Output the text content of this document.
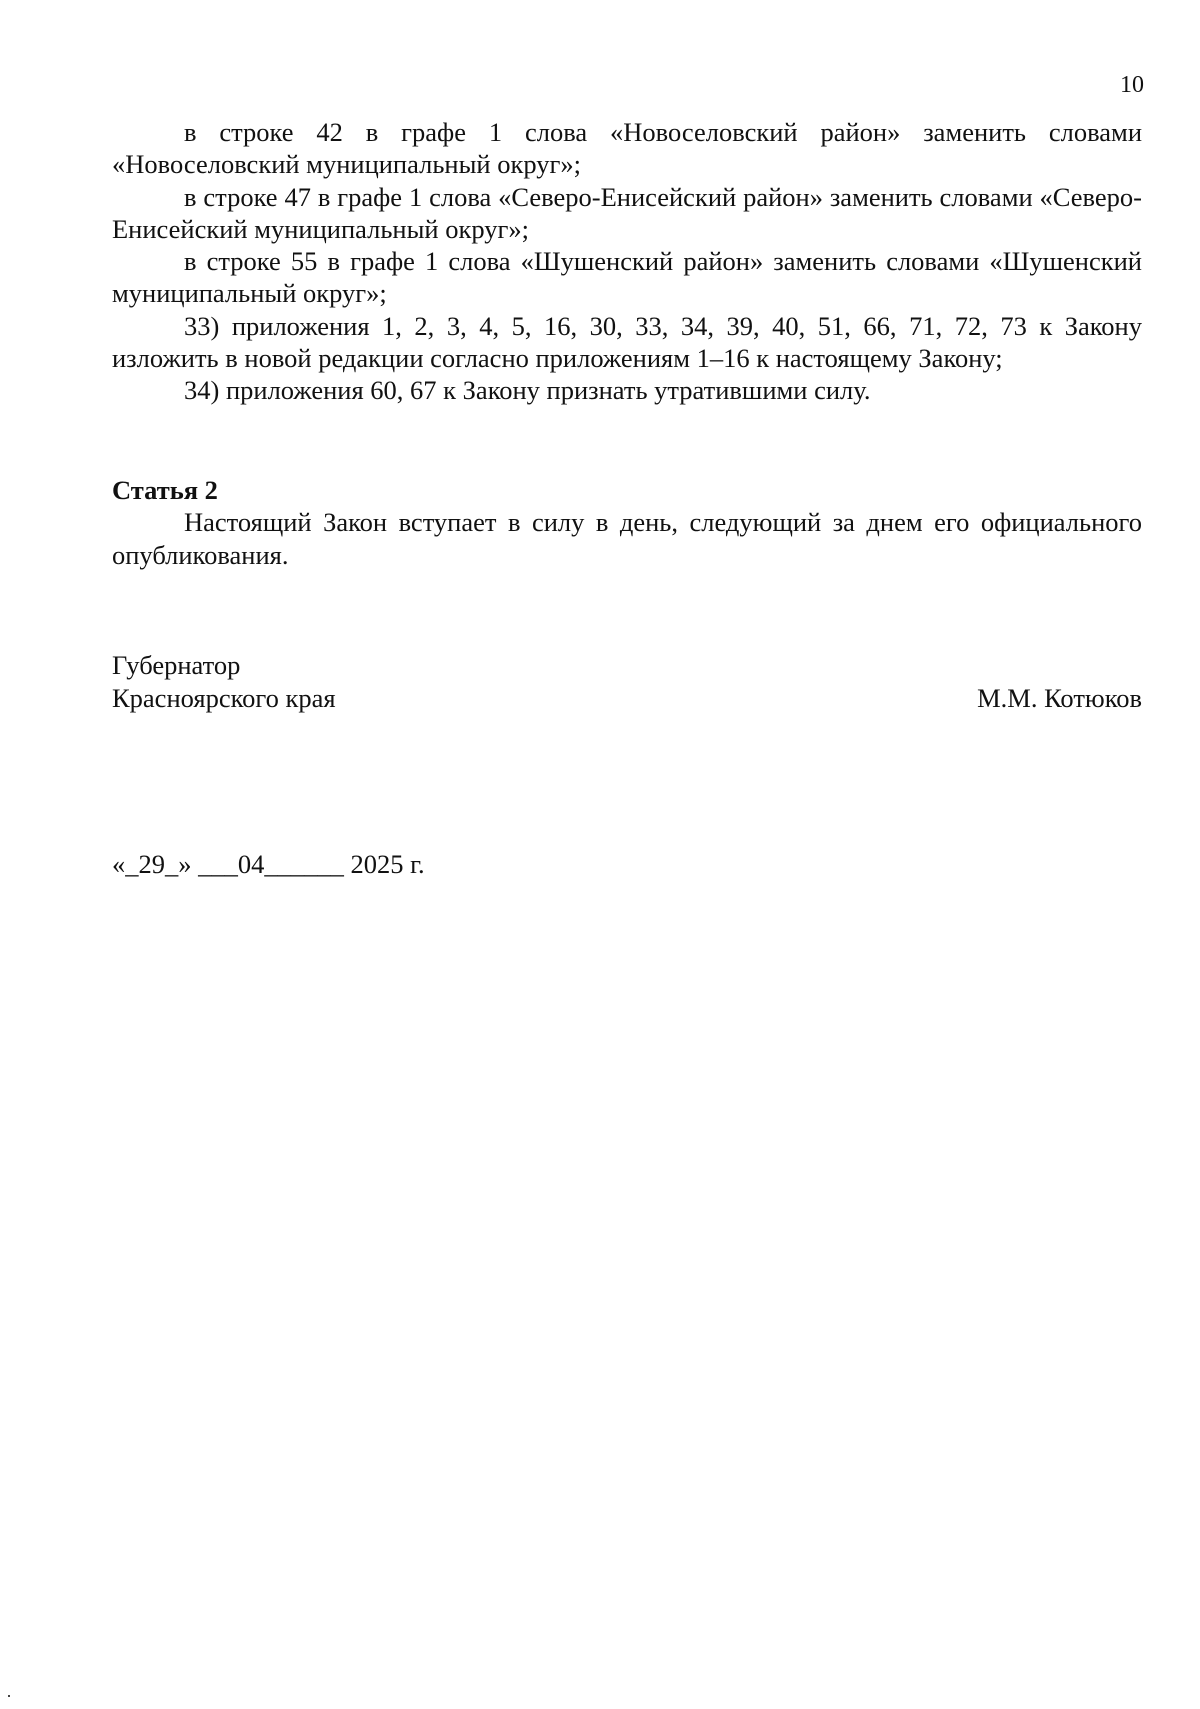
10

в строке 42 в графе 1 слова «Новоселовский район» заменить словами «Новоселовский муниципальный округ»;

в строке 47 в графе 1 слова «Северо-Енисейский район» заменить словами «Северо-Енисейский муниципальный округ»;

в строке 55 в графе 1 слова «Шушенский район» заменить словами «Шушенский муниципальный округ»;

33) приложения 1, 2, 3, 4, 5, 16, 30, 33, 34, 39, 40, 51, 66, 71, 72, 73 к Закону изложить в новой редакции согласно приложениям 1–16 к настоящему Закону;

34) приложения 60, 67 к Закону признать утратившими силу.

Статья 2

Настоящий Закон вступает в силу в день, следующий за днем его официального опубликования.

Губернатор
Красноярского края	М.М. Котюков
«_29_» ___04______ 2025 г.
